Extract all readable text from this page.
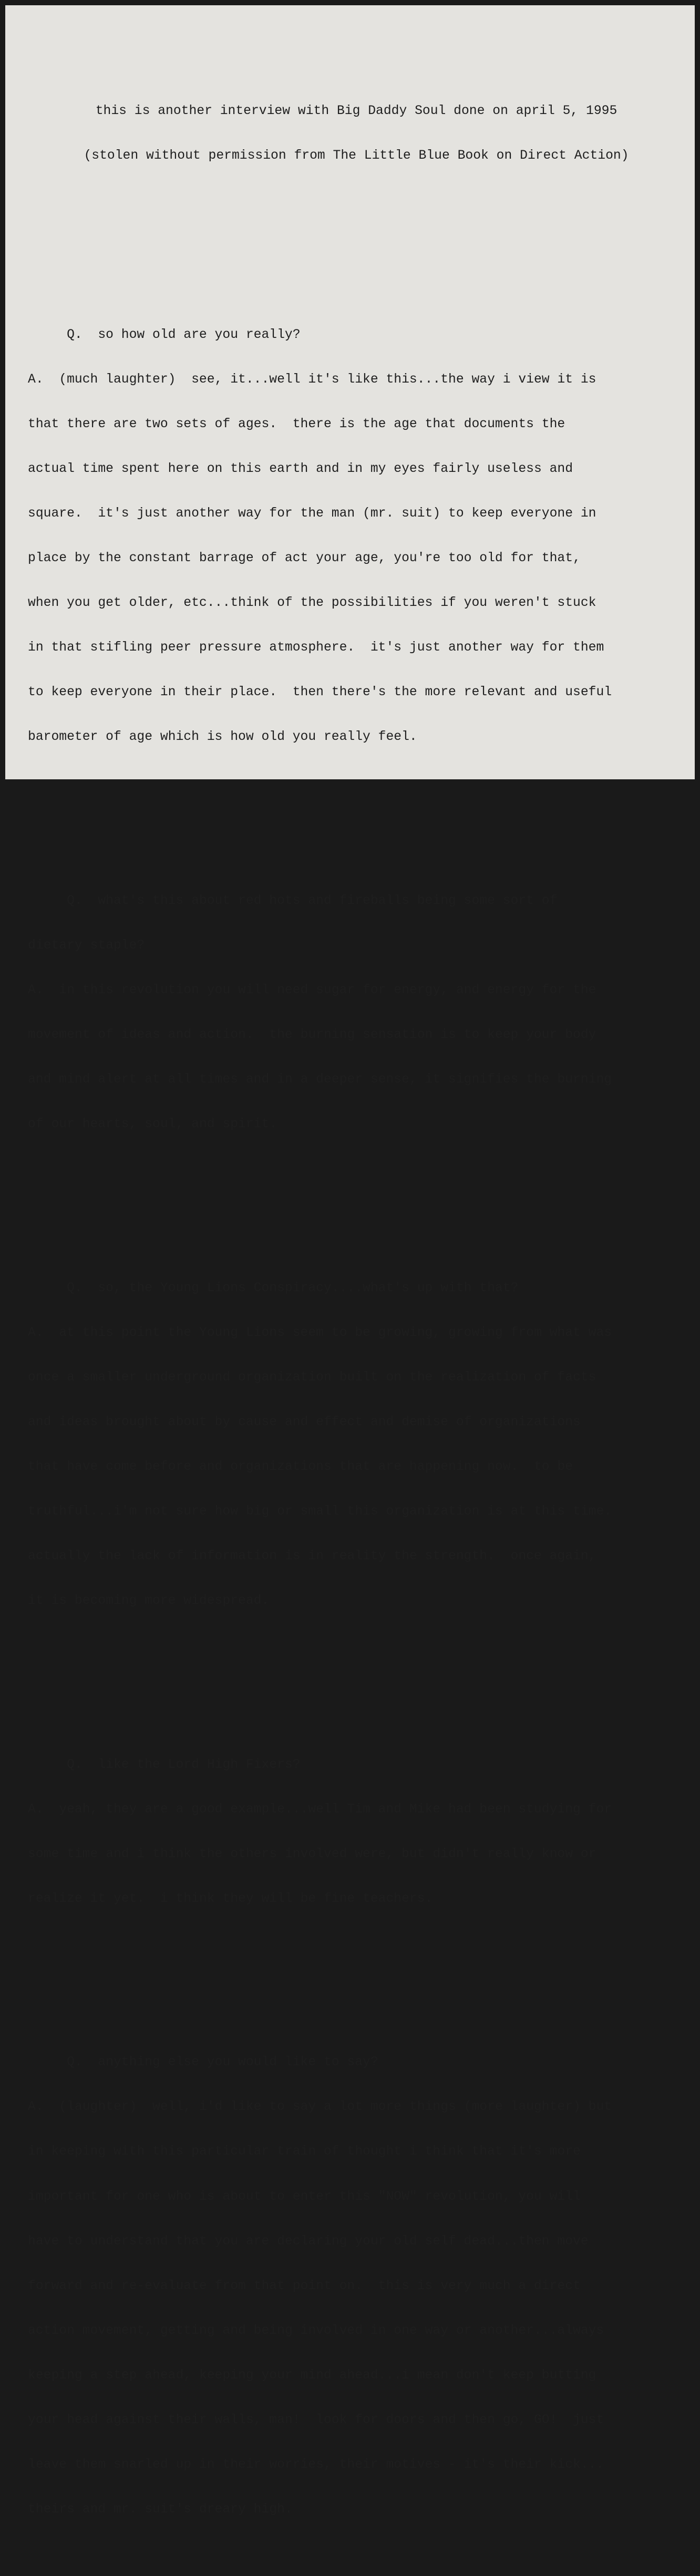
this is another interview with Big Daddy Soul done on april 5, 1995

(stolen without permission from The Little Blue Book on Direct Action)

Q.  so how old are you really?

A.  (much laughter)  see, it...well it's like this...the way i view it is

that there are two sets of ages.  there is the age that documents the

actual time spent here on this earth and in my eyes fairly useless and

square.  it's just another way for the man (mr. suit) to keep everyone in

place by the constant barrage of act your age, you're too old for that,

when you get older, etc...think of the possibilities if you weren't stuck

in that stifling peer pressure atmosphere.  it's just another way for them

to keep everyone in their place.  then there's the more relevant and useful

barometer of age which is how old you really feel.

Q.  what's this about red hots and fireballs being some sort of

dietary staple?

A.  in this revolution you will need sugar for energy, and energy for the

movement of ideas and action.  the burning sensation is to keep your body

and mind alert at all times and in a deeper sense, it signifies the burning

of our hearts, soul, and spirit.

Q.  so, the Young Lions Conspiracy....what's up with that?

A.  at this point the Young Lions seem to be growing, growing from what was

once a smaller underground organization built on the realization of facts

and ideas brought about by cause and effect and demise of organizations

that have come before and organizations that are happening now.  to be

truthful...i'm not sure how big or small this organization is at this time.

actually the lack of information is in reality the strength.  once again,

it is becoming more widespread.

Q.  like the Lord High Fixers?

A.  yeah, they are a good example...well Tim and Mike had been studying for

some time and i think the others involved were, but didn't really know or

realize it yet.  i think they will be fine teachers.

Q.  anything else you would like to say?

A.  (laughter)  well, i'd like to say a lot more things (more laughter) but

in keeping with this particular train of thought i think that it's more

important for one who is about to enter this "NOW" revolution, you will

have to understand that you are declaring your old self dead...then move

forward and re-evaluate from that point on.  this is very much a direct

action movement, getting and being involved in one way or another...always

keeping a step ahead, keeping your mind ahead...i mean don't keep butting

your head against their walls, man!  look for doors and then go, GO!  just

leave them snarled up in their worries, their motives - it's their kick...

theirs and mr. suit's dreary high.
